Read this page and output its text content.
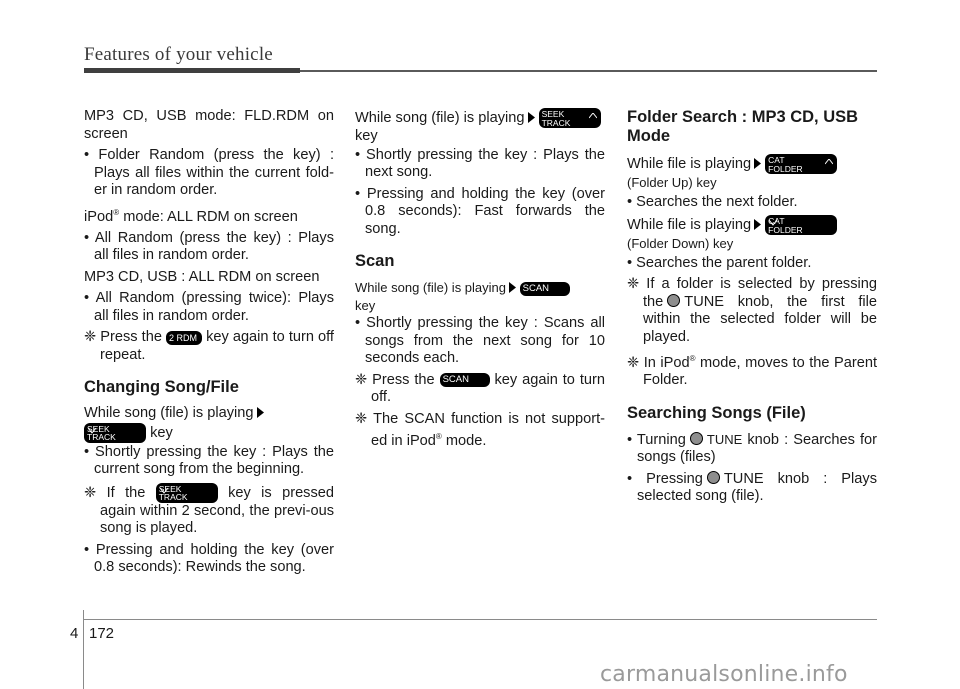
Features of your vehicle

MP3 CD, USB mode: FLD.RDM on screen

• Folder Random (press the key) : Plays all files within the current fold-er in random order.

iPod® mode: ALL RDM on screen

• All Random (press the key) : Plays all files in random order.

MP3 CD, USB : ALL RDM on screen

• All Random (pressing twice): Plays all files in random order.

❈ Press the 2 RDM key again to turn off repeat.

Changing Song/File

While song (file) is playing

SEEK
TRACK key

• Shortly pressing the key : Plays the current song from the beginning.

❈ If the SEEK
TRACK	key is pressed again within 2 second, the previ-ous song is played.

• Pressing and holding the key (over 0.8 seconds): Rewinds the song.

While song (file) is playing SEEK
TRACK
key

• Shortly pressing the key : Plays the next song.

• Pressing and holding the key (over 0.8 seconds): Fast forwards the song.

Scan

While song (file) is playing SCAN
key

• Shortly pressing the key : Scans all songs from the next song for 10 seconds each.

❈ Press the SCAN key again to turn off.

❈ The SCAN function is not support-ed in iPod® mode.

Folder Search : MP3 CD, USB Mode

While file is playing CAT
FOLDER
(Folder Up) key

• Searches the next folder.

While file is playing CAT
FOLDER
(Folder Down) key

• Searches the parent folder.

❈ If a folder is selected by pressing the TUNE knob, the first file within the selected folder will be played.

❈ In iPod® mode, moves to the Parent Folder.

Searching Songs (File)

• Turning TUNE knob : Searches for songs (files)

• Pressing TUNE knob : Plays selected song (file).

4 172
carmanualsonline.info
